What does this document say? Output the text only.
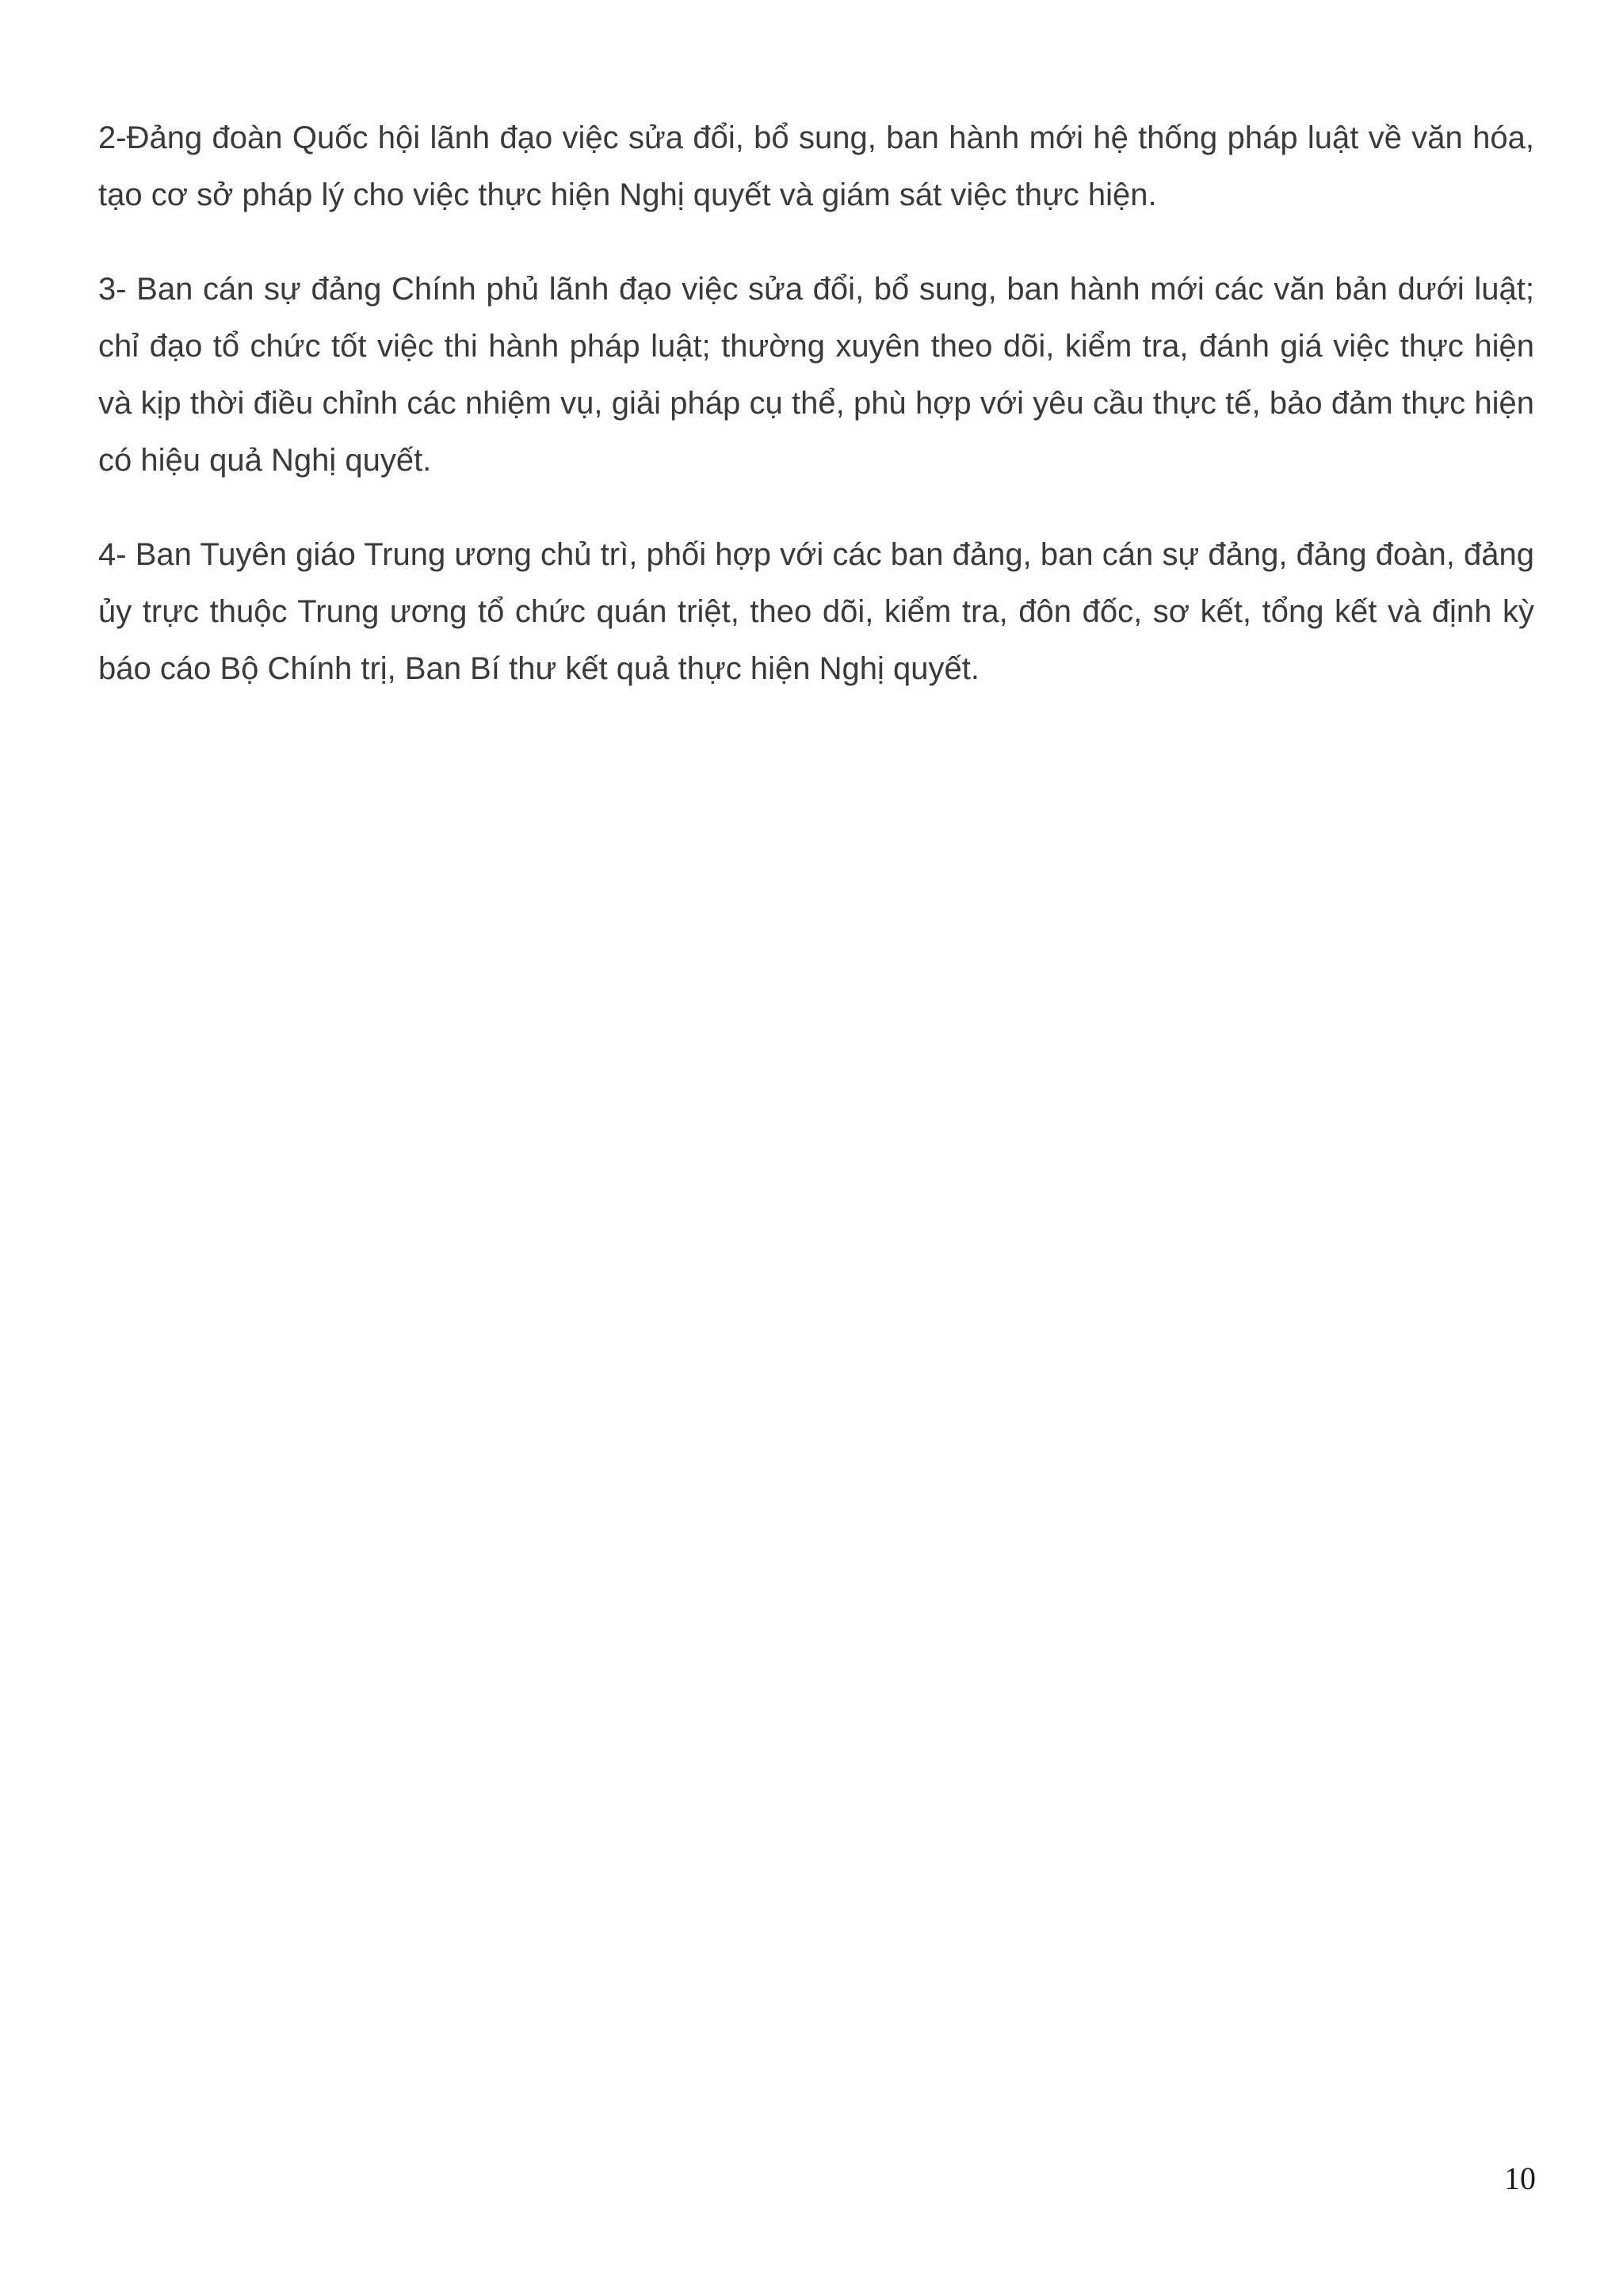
2-Đảng đoàn Quốc hội lãnh đạo việc sửa đổi, bổ sung, ban hành mới hệ thống pháp luật về văn hóa, tạo cơ sở pháp lý cho việc thực hiện Nghị quyết và giám sát việc thực hiện.

3- Ban cán sự đảng Chính phủ lãnh đạo việc sửa đổi, bổ sung, ban hành mới các văn bản dưới luật; chỉ đạo tổ chức tốt việc thi hành pháp luật; thường xuyên theo dõi, kiểm tra, đánh giá việc thực hiện và kịp thời điều chỉnh các nhiệm vụ, giải pháp cụ thể, phù hợp với yêu cầu thực tế, bảo đảm thực hiện có hiệu quả Nghị quyết.

4- Ban Tuyên giáo Trung ương chủ trì, phối hợp với các ban đảng, ban cán sự đảng, đảng đoàn, đảng ủy trực thuộc Trung ương tổ chức quán triệt, theo dõi, kiểm tra, đôn đốc, sơ kết, tổng kết và định kỳ báo cáo Bộ Chính trị, Ban Bí thư kết quả thực hiện Nghị quyết.

10
